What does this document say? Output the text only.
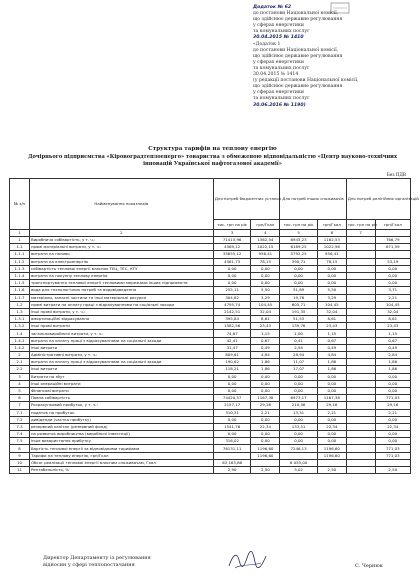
Додаток № 62
до постанови Національної комісії,
що здійснює державне регулювання
у сферах енергетики
та комунальних послуг
30.04.2015 № 1410
«Додаток 1
до постанови Національної комісії,
що здійснює державне регулювання
у сферах енергетики
та комунальних послуг
30.04.2015 № 1414
(у редакції постанови Національної комісії,
що здійснює державне регулювання
у сферах енергетики
та комунальних послуг
30.06.2016 № 1190)
Структура тарифів на теплову енергію
Дочірнього підприємства «Кіровоградтеплоенерго» товариства з обмеженою відповідальністю «Центр науково-технічних інновацій Української нафтогазової академії»
Без ПДВ
№ з/п	Найменування показників	Для потреб бюджетних установ		Для потреб інших споживачів		Для потреб релігійних організацій	
		тис. грн на рік	грн/Гкал	тис. грн на рік	грн/Гкал	тис. грн на рік	грн/Гкал
1	2	3	4	5	6	7	
1	Виробнича собівартість, у т. ч.:	71415,96	1362,54	6945,23	1162,53		766,79
1.1	прямі матеріальні витрати, у т. ч.:	4569,12	1022,15	6189,25	1022,96		671,59
1.1.1	витрати на паливо	35655,12	956,41	5792,25	956,41		
1.1.2	витрати на електроенергію	4561,73	78,15	390,71	78,15		53,19
1.1.3	собівартість теплової енергії власних ТЕЦ, ТЕС, КГУ	0,00	0,00	0,00	0,00		0,00
1.1.4	витрати на покупну теплову енергію	0,00	0,00	0,00	0,00		0,00
1.1.5	транспортування теплової енергії тепловими мережами інших підприємств	0,00	0,00	0,00	0,00		0,00
1.1.6	вода для технологічних потреб та водовідведення	255,11	5,50	31,89	5,50		3,71
1.1.7	матеріали, запасні частини та інші матеріальні ресурси	304,82	3,29	19,76	3,29		2,21
1.2	прямі витрати на оплату праці з відрахуваннями на соціальні заходи	4795,74	104,45	605,71	104,45		104,45
1.3	інші прямі витрати, у т. ч.:	2142,51	32,04	191,35	32,04		32,04
1.3.1	амортизаційні відрахування	395,84	8,61	51,53	8,61		8,61
1.3.2	інші прямі витрати	1582,56	23,43	139,76	23,43		23,43
1.4	загальновиробничі витрати, у т. ч.:	74,67	1,15	1,00	1,15		1,15
1.4.1	витрати на оплату праці з відрахуваннями на соціальні заходи	42,41	0,67	0,41	0,67		0,67
1.4.2	інші витрати	31,47	0,49	2,94	0,49		0,49
2	Адміністративні витрати, у т. ч.:	809,61	4,84	28,94	4,84		2,84
2.1	витрати на оплату праці з відрахуваннями на соціальні заходи	190,62	1,86	11,07	1,86		1,86
2.2	інші витрати	118,21	1,86	17,07	1,86		1,86
3	Витрати на збут	0,00	0,00	0,00	0,00		0,00
4	Інші операційні витрати	0,00	0,00	0,00	0,00		0,00
5	Фінансові витрати	0,00	0,00	0,00	0,00		0,00
6	Повна собівартість	74420,57	1167,38	6973,17	1167,38		771,03
7	Розрахунковий прибуток, у т. ч.:	2157,17	29,16	210,56	29,16		29,16
7.1	податок на прибуток	310,31	2,21	13,31	2,21		2,21
7.2	дивіденди (частка прибутку)	0,00	0,00	0,00	0,00		0,00
7.3	резервний капітал (резервний фонд)	1541,76	22,34	133,51	22,34		22,34
7.4	на розвиток виробництва (виробничі інвестиції)	0,00	0,00	0,00	0,00		0,00
7.5	інше використання прибутку	316,02	0,00	0,00	0,00		0,00
8	Вартість теплової енергії за відповідними тарифами	76131,11	1196,60	7246,13	1196,60		771,03
9	Тарифи на теплову енергію, грн/Гкал		1196,60		1196,60		771,03
10	Обсяг реалізації теплової енергії власним споживачам, Гкал	63 163,86		6 055,00			
11	Рентабельність, %	2,90	2,50	3,02	2,50		2,50
Директор Департаменту із регулювання
відносин у сфері теплопостачання	С. Чернюк
